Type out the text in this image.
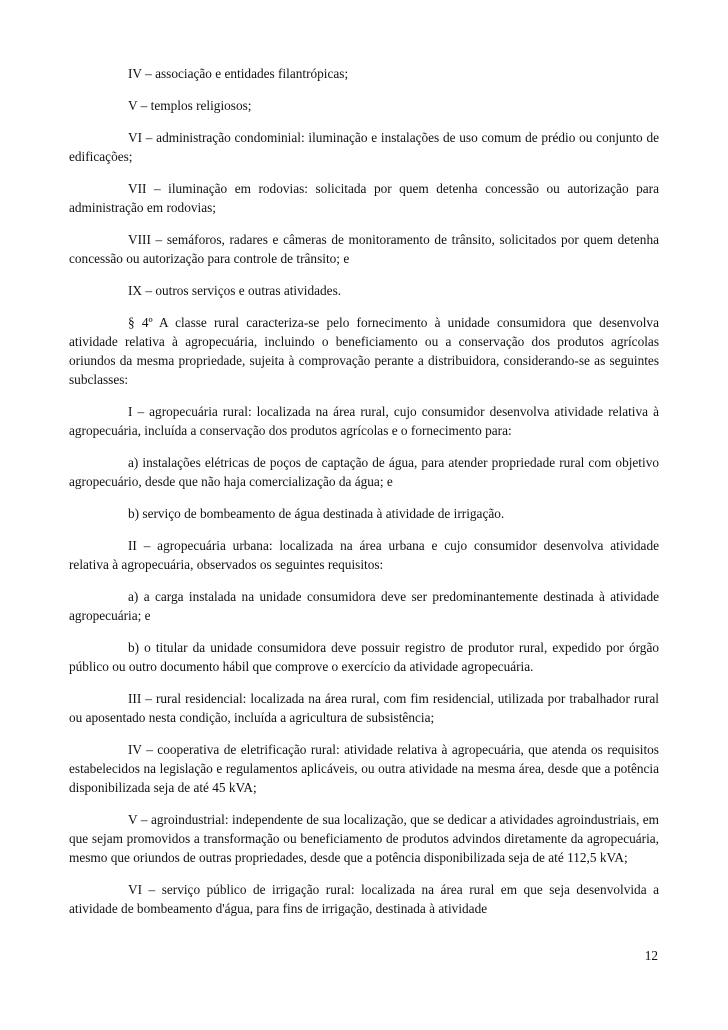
IV – associação e entidades filantrópicas;

V – templos religiosos;

VI – administração condominial: iluminação e instalações de uso comum de prédio ou conjunto de edificações;

VII – iluminação em rodovias: solicitada por quem detenha concessão ou autorização para administração em rodovias;

VIII – semáforos, radares e câmeras de monitoramento de trânsito, solicitados por quem detenha concessão ou autorização para controle de trânsito; e

IX – outros serviços e outras atividades.

§ 4º A classe rural caracteriza-se pelo fornecimento à unidade consumidora que desenvolva atividade relativa à agropecuária, incluindo o beneficiamento ou a conservação dos produtos agrícolas oriundos da mesma propriedade, sujeita à comprovação perante a distribuidora, considerando-se as seguintes subclasses:

I – agropecuária rural: localizada na área rural, cujo consumidor desenvolva atividade relativa à agropecuária, incluída a conservação dos produtos agrícolas e o fornecimento para:

a) instalações elétricas de poços de captação de água, para atender propriedade rural com objetivo agropecuário, desde que não haja comercialização da água; e

b) serviço de bombeamento de água destinada à atividade de irrigação.

II – agropecuária urbana: localizada na área urbana e cujo consumidor desenvolva atividade relativa à agropecuária, observados os seguintes requisitos:

a) a carga instalada na unidade consumidora deve ser predominantemente destinada à atividade agropecuária; e

b) o titular da unidade consumidora deve possuir registro de produtor rural, expedido por órgão público ou outro documento hábil que comprove o exercício da atividade agropecuária.

III – rural residencial: localizada na área rural, com fim residencial, utilizada por trabalhador rural ou aposentado nesta condição, incluída a agricultura de subsistência;

IV – cooperativa de eletrificação rural: atividade relativa à agropecuária, que atenda os requisitos estabelecidos na legislação e regulamentos aplicáveis, ou outra atividade na mesma área, desde que a potência disponibilizada seja de até 45 kVA;

V – agroindustrial: independente de sua localização, que se dedicar a atividades agroindustriais, em que sejam promovidos a transformação ou beneficiamento de produtos advindos diretamente da agropecuária, mesmo que oriundos de outras propriedades, desde que a potência disponibilizada seja de até 112,5 kVA;

VI – serviço público de irrigação rural: localizada na área rural em que seja desenvolvida a atividade de bombeamento d'água, para fins de irrigação, destinada à atividade

12
